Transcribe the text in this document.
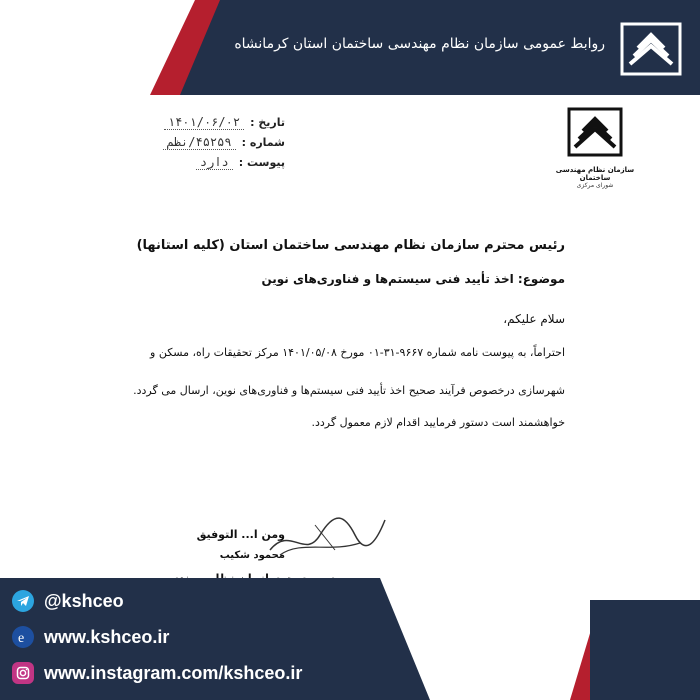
روابط عمومی سازمان نظام مهندسی ساختمان استان کرمانشاه
تاریخ :
۱۴۰۱/۰۶/۰۲
شماره :
۴۵۲۵۹/نظم
پیوست :
دارد
سازمان نظام مهندسی ساختمان
شورای مرکزی
رئیس محترم سازمان نظام مهندسی ساختمان استان (کلیه استانها)
موضوع: اخذ تأیید فنی سیستم‌ها و فناوری‌های نوین
سلام علیکم،
احتراماً، به پیوست نامه شماره ۹۶۶۷-۳۱-۰۱ مورخ ۱۴۰۱/۰۵/۰۸ مرکز تحقیقات راه، مسکن و
شهرسازی درخصوص فرآیند صحیح اخذ تأیید فنی سیستم‌ها و فناوری‌های نوین، ارسال می گردد.
خواهشمند است دستور فرمایید اقدام لازم معمول گردد.
ومن ا... التوفیق
محمود شکیب
@kshceo
e www.kshceo.ir
www.instagram.com/kshceo.ir
